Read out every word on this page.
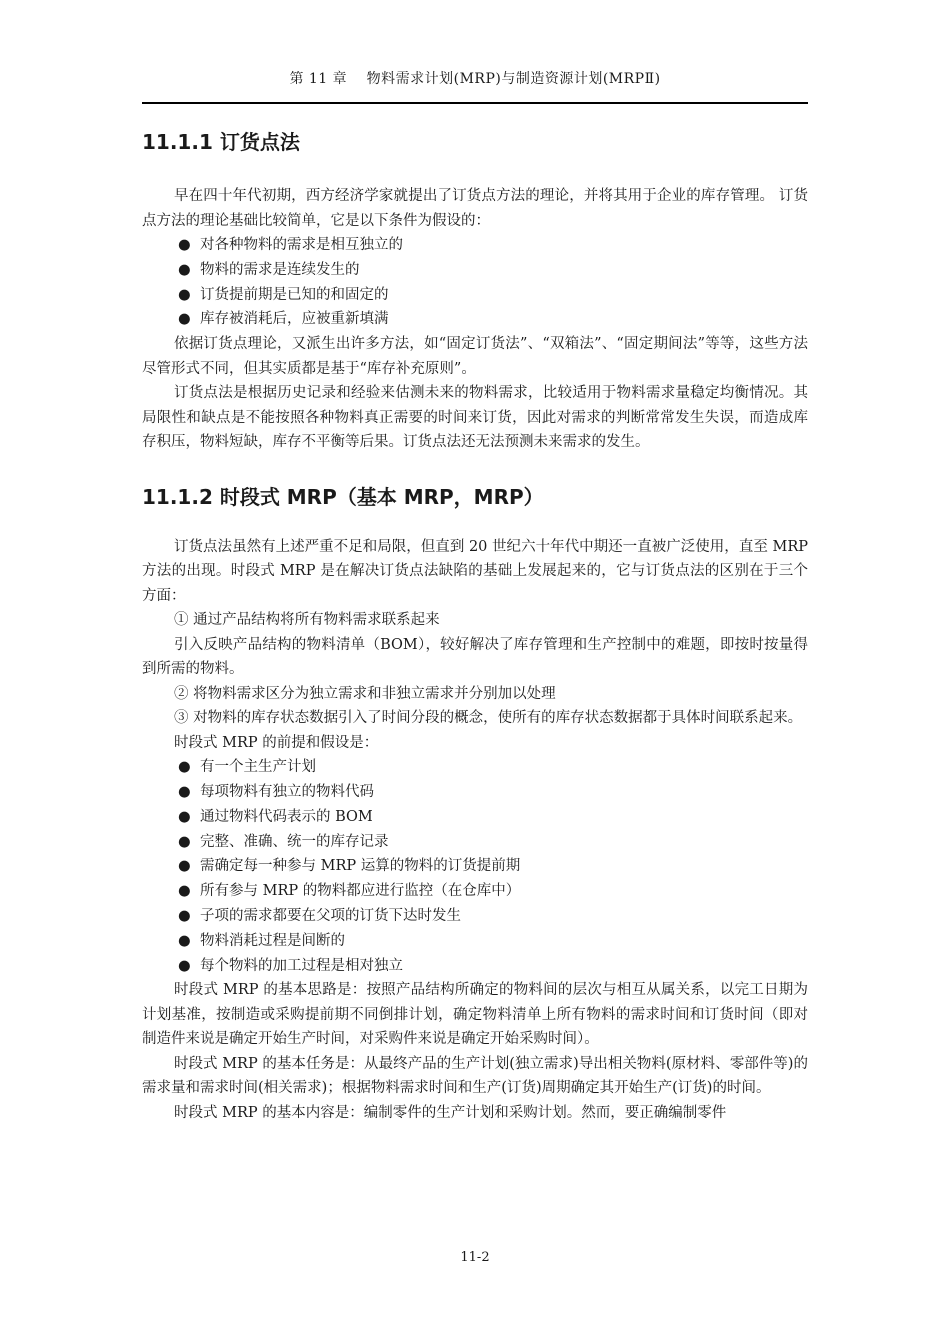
第 11 章　 物料需求计划(MRP)与制造资源计划(MRPⅡ)
11.1.1 订货点法

早在四十年代初期，西方经济学家就提出了订货点方法的理论，并将其用于企业的库存管理。 订货点方法的理论基础比较简单，它是以下条件为假设的：

● 对各种物料的需求是相互独立的
● 物料的需求是连续发生的
● 订货提前期是已知的和固定的
● 库存被消耗后，应被重新填满

依据订货点理论，又派生出许多方法，如“固定订货法”、“双箱法”、“固定期间法”等等，这些方法尽管形式不同，但其实质都是基于“库存补充原则”。

订货点法是根据历史记录和经验来估测未来的物料需求，比较适用于物料需求量稳定均衡情况。其局限性和缺点是不能按照各种物料真正需要的时间来订货，因此对需求的判断常常发生失误，而造成库存积压，物料短缺，库存不平衡等后果。订货点法还无法预测未来需求的发生。

11.1.2 时段式 MRP（基本 MRP，MRP）

订货点法虽然有上述严重不足和局限，但直到 20 世纪六十年代中期还一直被广泛使用，直至 MRP 方法的出现。时段式 MRP 是在解决订货点法缺陷的基础上发展起来的，它与订货点法的区别在于三个方面：

① 通过产品结构将所有物料需求联系起来

引入反映产品结构的物料清单（BOM），较好解决了库存管理和生产控制中的难题，即按时按量得到所需的物料。

② 将物料需求区分为独立需求和非独立需求并分别加以处理

③ 对物料的库存状态数据引入了时间分段的概念，使所有的库存状态数据都于具体时间联系起来。

时段式 MRP 的前提和假设是：

● 有一个主生产计划
● 每项物料有独立的物料代码
● 通过物料代码表示的 BOM
● 完整、准确、统一的库存记录
● 需确定每一种参与 MRP 运算的物料的订货提前期
● 所有参与 MRP 的物料都应进行监控（在仓库中）
● 子项的需求都要在父项的订货下达时发生
● 物料消耗过程是间断的
● 每个物料的加工过程是相对独立

时段式 MRP 的基本思路是：按照产品结构所确定的物料间的层次与相互从属关系，以完工日期为计划基准，按制造或采购提前期不同倒排计划，确定物料清单上所有物料的需求时间和订货时间（即对制造件来说是确定开始生产时间，对采购件来说是确定开始采购时间）。

时段式 MRP 的基本任务是：从最终产品的生产计划(独立需求)导出相关物料(原材料、零部件等)的需求量和需求时间(相关需求)；根据物料需求时间和生产(订货)周期确定其开始生产(订货)的时间。

时段式 MRP 的基本内容是：编制零件的生产计划和采购计划。然而，要正确编制零件

11-2
